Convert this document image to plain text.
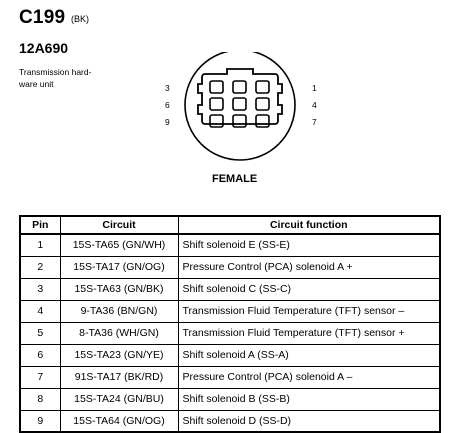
C199 (BK)
12A690
Transmission hard-ware unit	3
6
9
1
4
7
FEMALE
Pin	Circuit	Circuit function
1	15S-TA65 (GN/WH)	Shift solenoid E (SS-E)
2	15S-TA17 (GN/OG)	Pressure Control (PCA) solenoid A +
3	15S-TA63 (GN/BK)	Shift solenoid C (SS-C)
4	9-TA36 (BN/GN)	Transmission Fluid Temperature (TFT) sensor –
5	8-TA36 (WH/GN)	Transmission Fluid Temperature (TFT) sensor +
6	15S-TA23 (GN/YE)	Shift solenoid A (SS-A)
7	91S-TA17 (BK/RD)	Pressure Control (PCA) solenoid A –
8	15S-TA24 (GN/BU)	Shift solenoid B (SS-B)
9	15S-TA64 (GN/OG)	Shift solenoid D (SS-D)
